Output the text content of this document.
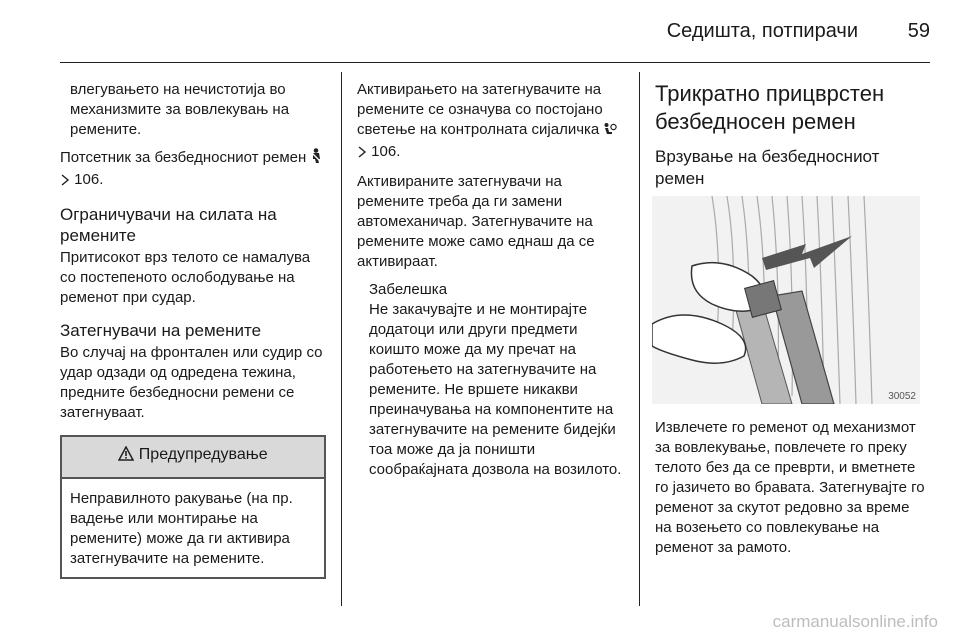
Седишта, потпирачи 59

влегувањето на нечистотија во механизмите за вовлекувањ на ремените.

Потсетник за безбедносниот ремен   106.

Ограничувачи на силата на ремените

Притисокот врз телото се намалува со постепеното ослободување на ременот при судар.

Затегнувачи на ремените

Во случај на фронтален или судир со удар одзади од одредена тежина, предните безбедносни ремени се затегнуваат.

Предупредување
Неправилното ракување (на пр. вадење или монтирање на ремените) може да ги активира затегнувачите на ремените.

Активирањето на затегнувачите на ремените се означува со постојано светење на контролната сијаличка   106.

Активираните затегнувачи на ремените треба да ги замени автомеханичар. Затегнувачите на ремените може само еднаш да се активираат.

Забелешка

Не закачувајте и не монтирајте додатоци или други предмети коишто може да му пречат на работењето на затегнувачите на ремените. Не вршете никакви преиначувања на компонентите на затегнувачите на ремените бидејќи тоа може да ја поништи сообраќајната дозвола на возилото.

Трикратно прицврстен безбедносен ремен
Врзување на безбедносниот ремен
30052

Извлечете го ременот од механизмот за вовлекување, повлечете го преку телото без да се преврти, и вметнете го јазичето во бравата. Затегнувајте го ременот за скутот редовно за време на возењето со повлекување на ременот за рамото.

carmanualsonline.info
